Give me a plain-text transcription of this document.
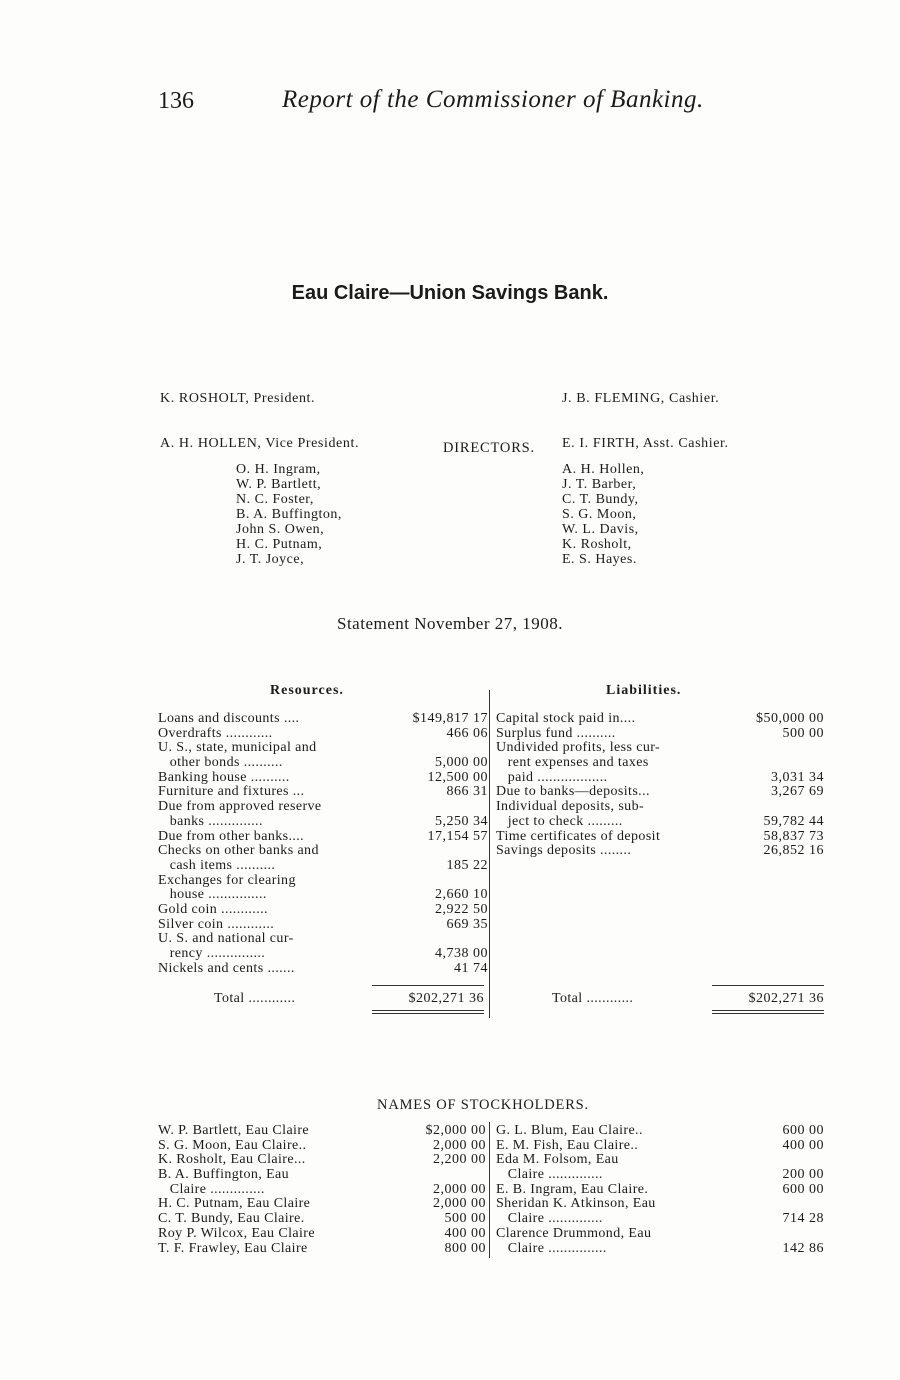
136	Report of the Commissioner of Banking.
Eau Claire—Union Savings Bank.

K. ROSHOLT, President.

A. H. HOLLEN, Vice President.

J. B. FLEMING, Cashier.

E. I. FIRTH, Asst. Cashier.

DIRECTORS.
O. H. Ingram,
W. P. Bartlett,
N. C. Foster,
B. A. Buffington,
John S. Owen,
H. C. Putnam,
J. T. Joyce,
A. H. Hollen,
J. T. Barber,
C. T. Bundy,
S. G. Moon,
W. L. Davis,
K. Rosholt,
E. S. Hayes.
Statement November 27, 1908.
Resources.	Liabilities.
Loans and discounts ....	$149,817 17
Overdrafts ............	466 06
U. S., state, municipal and
other bonds ..........	5,000 00
Banking house ..........	12,500 00
Furniture and fixtures ...	866 31
Due from approved reserve
banks ..............	5,250 34
Due from other banks....	17,154 57
Checks on other banks and
cash items ..........	185 22
Exchanges for clearing
house ...............	2,660 10
Gold coin ............	2,922 50
Silver coin ............	669 35
U. S. and national cur-
rency ...............	4,738 00
Nickels and cents .......	41 74
Capital stock paid in....	$50,000 00
Surplus fund ..........	500 00
Undivided profits, less cur-
rent expenses and taxes
paid ..................	3,031 34
Due to banks—deposits...	3,267 69
Individual deposits, sub-
ject to check .........	59,782 44
Time certificates of deposit	58,837 73
Savings deposits ........	26,852 16
Total ............	$202,271 36	Total ............	$202,271 36
NAMES OF STOCKHOLDERS.
W. P. Bartlett, Eau Claire	$2,000 00
S. G. Moon, Eau Claire..	2,000 00
K. Rosholt, Eau Claire...	2,200 00
B. A. Buffington, Eau
Claire ..............	2,000 00
H. C. Putnam, Eau Claire	2,000 00
C. T. Bundy, Eau Claire.	500 00
Roy P. Wilcox, Eau Claire	400 00
T. F. Frawley, Eau Claire	800 00
G. L. Blum, Eau Claire..	600 00
E. M. Fish, Eau Claire..	400 00
Eda M. Folsom, Eau
Claire ..............	200 00
E. B. Ingram, Eau Claire.	600 00
Sheridan K. Atkinson, Eau
Claire ..............	714 28
Clarence Drummond, Eau
Claire ...............	142 86
